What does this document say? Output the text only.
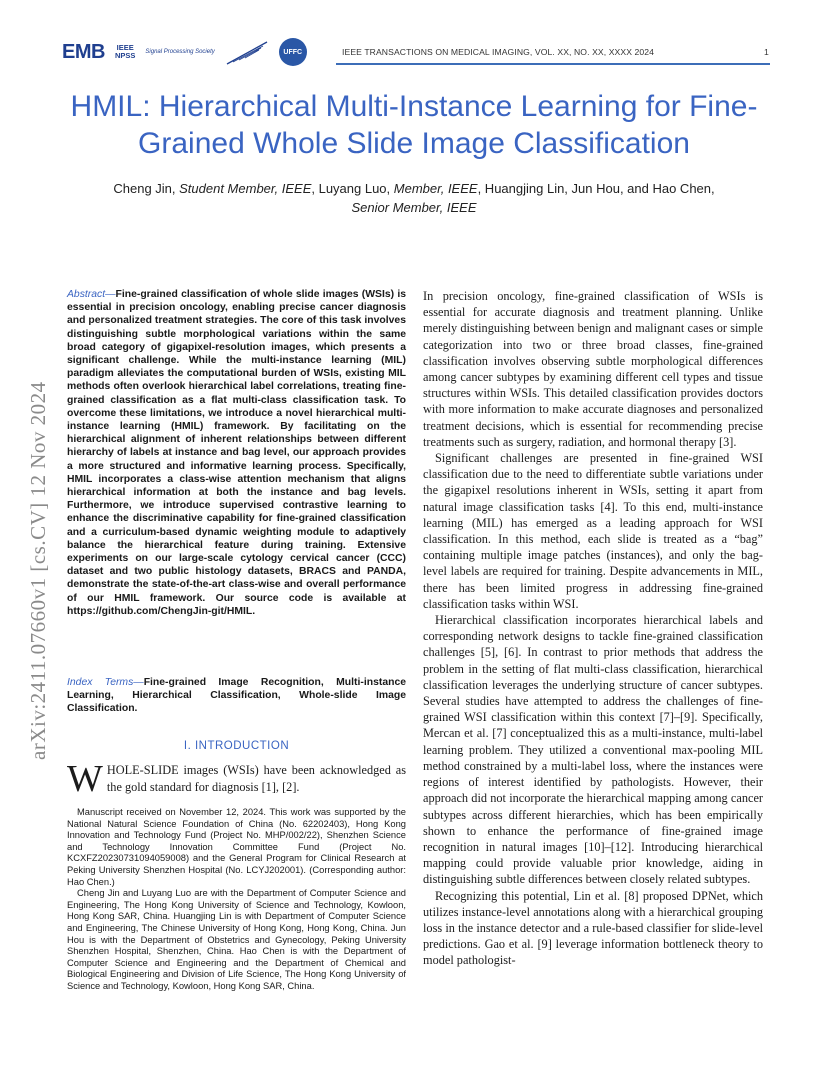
EMB IEEE
NPSS Signal Processing Society	UFFC	IEEE TRANSACTIONS ON MEDICAL IMAGING, VOL. XX, NO. XX, XXXX 2024	1
HMIL: Hierarchical Multi-Instance Learning for Fine-Grained Whole Slide Image Classification
Cheng Jin, Student Member, IEEE, Luyang Luo, Member, IEEE, Huangjing Lin, Jun Hou, and Hao Chen,
Senior Member, IEEE
arXiv:2411.07660v1 [cs.CV] 12 Nov 2024
Abstract—Fine-grained classification of whole slide images (WSIs) is essential in precision oncology, enabling precise cancer diagnosis and personalized treatment strategies. The core of this task involves distinguishing subtle morphological variations within the same broad category of gigapixel-resolution images, which presents a significant challenge. While the multi-instance learning (MIL) paradigm alleviates the computational burden of WSIs, existing MIL methods often overlook hierarchical label correlations, treating fine-grained classification as a flat multi-class classification task. To overcome these limitations, we introduce a novel hierarchical multi-instance learning (HMIL) framework. By facilitating on the hierarchical alignment of inherent relationships between different hierarchy of labels at instance and bag level, our approach provides a more structured and informative learning process. Specifically, HMIL incorporates a class-wise attention mechanism that aligns hierarchical information at both the instance and bag levels. Furthermore, we introduce supervised contrastive learning to enhance the discriminative capability for fine-grained classification and a curriculum-based dynamic weighting module to adaptively balance the hierarchical feature during training. Extensive experiments on our large-scale cytology cervical cancer (CCC) dataset and two public histology datasets, BRACS and PANDA, demonstrate the state-of-the-art class-wise and overall performance of our HMIL framework. Our source code is available at https://github.com/ChengJin-git/HMIL.
Index Terms—Fine-grained Image Recognition, Multi-instance Learning, Hierarchical Classification, Whole-slide Image Classification.
I. INTRODUCTION
WHOLE-SLIDE images (WSIs) have been acknowledged as the gold standard for diagnosis [1], [2].

Manuscript received on November 12, 2024. This work was supported by the National Natural Science Foundation of China (No. 62202403), Hong Kong Innovation and Technology Fund (Project No. MHP/002/22), Shenzhen Science and Technology Innovation Committee Fund (Project No. KCXFZ20230731094059008) and the General Program for Clinical Research at Peking University Shenzhen Hospital (No. LCYJ202001). (Corresponding author: Hao Chen.)

Cheng Jin and Luyang Luo are with the Department of Computer Science and Engineering, The Hong Kong University of Science and Technology, Kowloon, Hong Kong SAR, China. Huangjing Lin is with Department of Computer Science and Engineering, The Chinese University of Hong Kong, Hong Kong, China. Jun Hou is with the Department of Obstetrics and Gynecology, Peking University Shenzhen Hospital, Shenzhen, China. Hao Chen is with the Department of Computer Science and Engineering and the Department of Chemical and Biological Engineering and Division of Life Science, The Hong Kong University of Science and Technology, Kowloon, Hong Kong SAR, China.

In precision oncology, fine-grained classification of WSIs is essential for accurate diagnosis and treatment planning. Unlike merely distinguishing between benign and malignant cases or simple categorization into two or three broad classes, fine-grained classification involves observing subtle morphological differences among cancer subtypes by examining different cell types and tissue structures within WSIs. This detailed classification provides doctors with more information to make accurate diagnoses and personalized treatment decisions, which is essential for recommending precise treatments such as surgery, radiation, and hormonal therapy [3].

Significant challenges are presented in fine-grained WSI classification due to the need to differentiate subtle variations under the gigapixel resolutions inherent in WSIs, setting it apart from natural image classification tasks [4]. To this end, multi-instance learning (MIL) has emerged as a leading approach for WSI classification. In this method, each slide is treated as a “bag” containing multiple image patches (instances), and only the bag-level labels are required for training. Despite advancements in MIL, there has been limited progress in addressing fine-grained classification tasks within WSI.

Hierarchical classification incorporates hierarchical labels and corresponding network designs to tackle fine-grained classification challenges [5], [6]. In contrast to prior methods that address the problem in the setting of flat multi-class classification, hierarchical classification leverages the underlying structure of cancer subtypes. Several studies have attempted to address the challenges of fine-grained WSI classification within this context [7]–[9]. Specifically, Mercan et al. [7] conceptualized this as a multi-instance, multi-label learning problem. They utilized a conventional max-pooling MIL method constrained by a multi-label loss, where the instances were regions of interest identified by pathologists. However, their approach did not incorporate the hierarchical mapping among cancer subtypes across different hierarchies, which has been empirically shown to enhance the performance of fine-grained image recognition in natural images [10]–[12]. Introducing hierarchical mapping could provide valuable prior knowledge, aiding in distinguishing subtle differences between closely related subtypes.

Recognizing this potential, Lin et al. [8] proposed DPNet, which utilizes instance-level annotations along with a hierarchical grouping loss in the instance detector and a rule-based classifier for slide-level predictions. Gao et al. [9] leverage information bottleneck theory to model pathologist-
